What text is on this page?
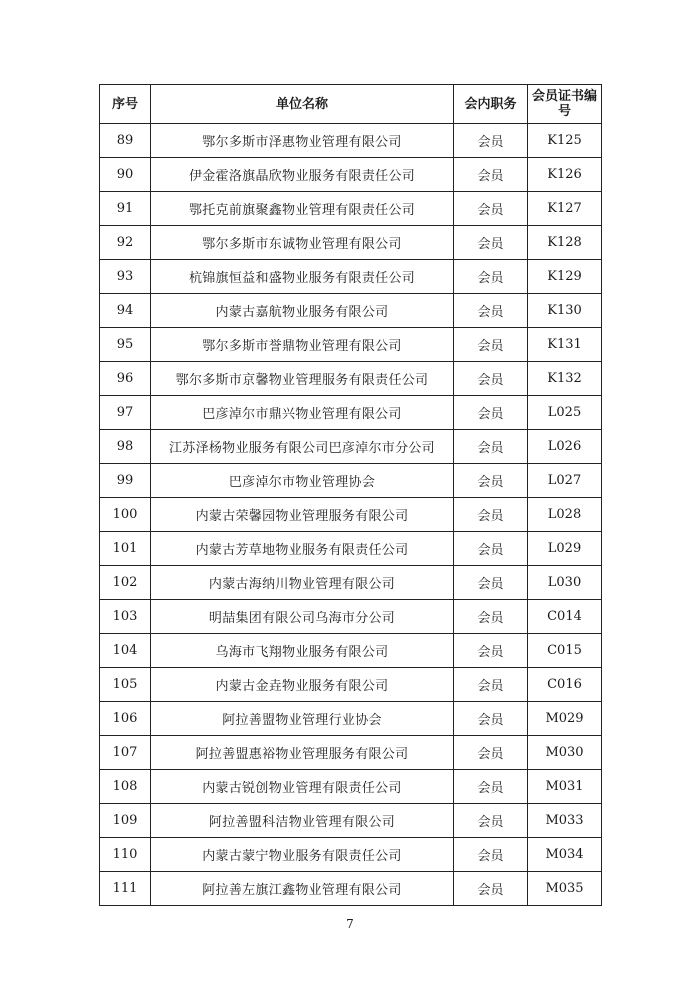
序号	单位名称	会内职务	会员证书编号
89	鄂尔多斯市泽惠物业管理有限公司	会员	K125
90	伊金霍洛旗晶欣物业服务有限责任公司	会员	K126
91	鄂托克前旗聚鑫物业管理有限责任公司	会员	K127
92	鄂尔多斯市东诚物业管理有限公司	会员	K128
93	杭锦旗恒益和盛物业服务有限责任公司	会员	K129
94	内蒙古嘉航物业服务有限公司	会员	K130
95	鄂尔多斯市誉鼎物业管理有限公司	会员	K131
96	鄂尔多斯市京馨物业管理服务有限责任公司	会员	K132
97	巴彦淖尔市鼎兴物业管理有限公司	会员	L025
98	江苏泽杨物业服务有限公司巴彦淖尔市分公司	会员	L026
99	巴彦淖尔市物业管理协会	会员	L027
100	内蒙古荣馨园物业管理服务有限公司	会员	L028
101	内蒙古芳草地物业服务有限责任公司	会员	L029
102	内蒙古海纳川物业管理有限公司	会员	L030
103	明喆集团有限公司乌海市分公司	会员	C014
104	乌海市飞翔物业服务有限公司	会员	C015
105	内蒙古金垚物业服务有限公司	会员	C016
106	阿拉善盟物业管理行业协会	会员	M029
107	阿拉善盟惠裕物业管理服务有限公司	会员	M030
108	内蒙古锐创物业管理有限责任公司	会员	M031
109	阿拉善盟科洁物业管理有限公司	会员	M033
110	内蒙古蒙宁物业服务有限责任公司	会员	M034
111	阿拉善左旗江鑫物业管理有限公司	会员	M035
7
